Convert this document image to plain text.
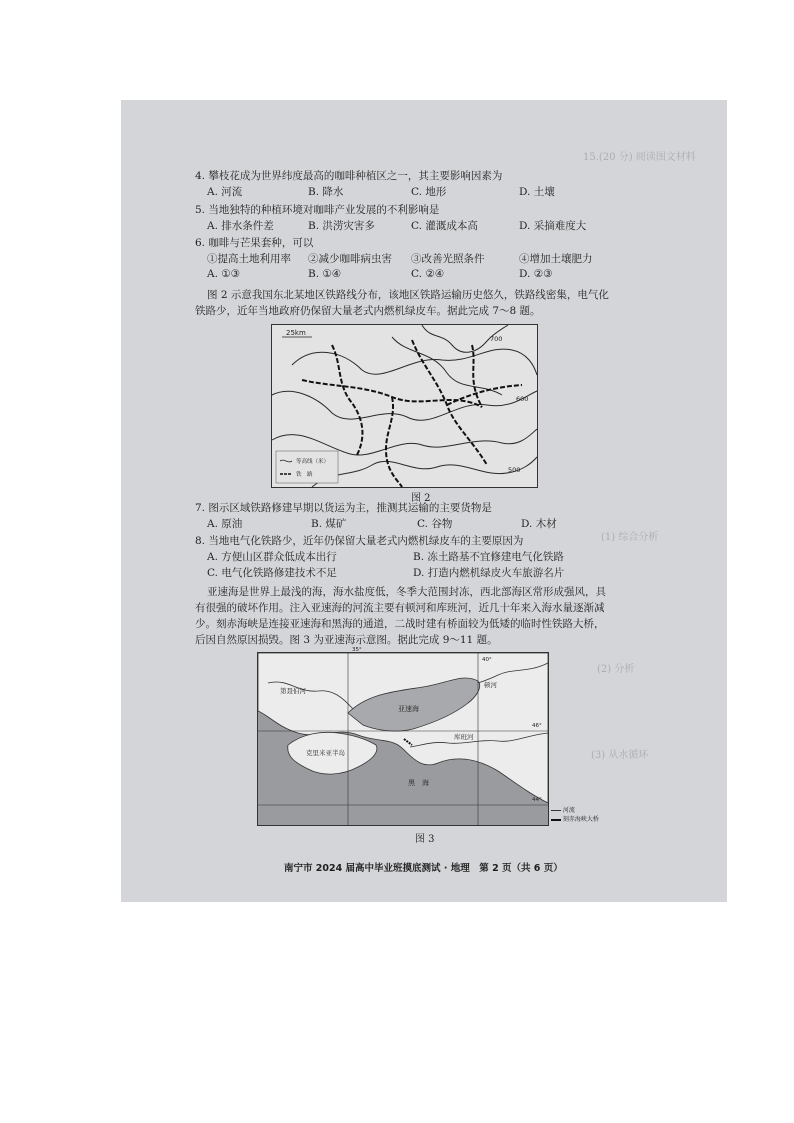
15.(20 分) 阅读图文材料
(1) 综合分析
(2) 分析
(3) 从水循环
4. 攀枝花成为世界纬度最高的咖啡种植区之一，其主要影响因素为
A. 河流	B. 降水	C. 地形	D. 土壤
5. 当地独特的种植环境对咖啡产业发展的不利影响是
A. 排水条件差	B. 洪涝灾害多	C. 灌溉成本高	D. 采摘难度大
6. 咖啡与芒果套种，可以
①提高土地利用率 ②减少咖啡病虫害 ③改善光照条件	④增加土壤肥力
A. ①③	B. ①④	C. ②④	D. ②③
图 2 示意我国东北某地区铁路线分布，该地区铁路运输历史悠久，铁路线密集，电气化
铁路少，近年当地政府仍保留大量老式内燃机绿皮车。据此完成 7～8 题。
25km
700
600
500
等高线（米）
铁　路
图 2
7. 图示区域铁路修建早期以货运为主，推测其运输的主要货物是
A. 原油	B. 煤矿	C. 谷物	D. 木材
8. 当地电气化铁路少，近年仍保留大量老式内燃机绿皮车的主要原因为
A. 方便山区群众低成本出行	B. 冻土路基不宜修建电气化铁路
C. 电气化铁路修建技术不足	D. 打造内燃机绿皮火车旅游名片
亚速海是世界上最浅的海，海水盐度低，冬季大范围封冻，西北部海区常形成强风，具
有很强的破坏作用。注入亚速海的河流主要有顿河和库班河，近几十年来入海水量逐渐减
少。刻赤海峡是连接亚速海和黑海的通道，二战时建有桥面较为低矮的临时性铁路大桥，
后因自然原因损毁。图 3 为亚速海示意图。据此完成 9～11 题。
35°
40°
46°
44°
第聂伯河
顿河
亚速海
克里米亚半岛
库班河
黑　海
河流
刻赤海峡大桥
图 3
南宁市 2024 届高中毕业班摸底测试 · 地理　第 2 页（共 6 页）
